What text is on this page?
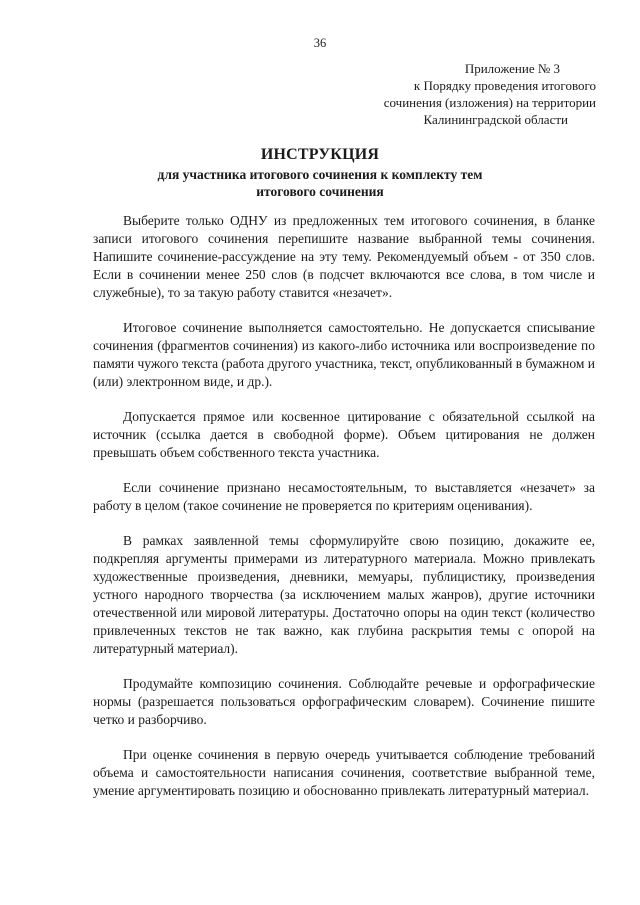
36
Приложение № 3
к Порядку проведения итогового
сочинения (изложения) на территории
Калининградской области
ИНСТРУКЦИЯ
для участника итогового сочинения к комплекту тем
итогового сочинения

Выберите только ОДНУ из предложенных тем итогового сочинения, в бланке записи итогового сочинения перепишите название выбранной темы сочинения. Напишите сочинение-рассуждение на эту тему. Рекомендуемый объем - от 350 слов. Если в сочинении менее 250 слов (в подсчет включаются все слова, в том числе и служебные), то за такую работу ставится «незачет».

Итоговое сочинение выполняется самостоятельно. Не допускается списывание сочинения (фрагментов сочинения) из какого-либо источника или воспроизведение по памяти чужого текста (работа другого участника, текст, опубликованный в бумажном и (или) электронном виде, и др.).

Допускается прямое или косвенное цитирование с обязательной ссылкой на источник (ссылка дается в свободной форме). Объем цитирования не должен превышать объем собственного текста участника.

Если сочинение признано несамостоятельным, то выставляется «незачет» за работу в целом (такое сочинение не проверяется по критериям оценивания).

В рамках заявленной темы сформулируйте свою позицию, докажите ее, подкрепляя аргументы примерами из литературного материала. Можно привлекать художественные произведения, дневники, мемуары, публицистику, произведения устного народного творчества (за исключением малых жанров), другие источники отечественной или мировой литературы. Достаточно опоры на один текст (количество привлеченных текстов не так важно, как глубина раскрытия темы с опорой на литературный материал).

Продумайте композицию сочинения. Соблюдайте речевые и орфографические нормы (разрешается пользоваться орфографическим словарем). Сочинение пишите четко и разборчиво.

При оценке сочинения в первую очередь учитывается соблюдение требований объема и самостоятельности написания сочинения, соответствие выбранной теме, умение аргументировать позицию и обоснованно привлекать литературный материал.
